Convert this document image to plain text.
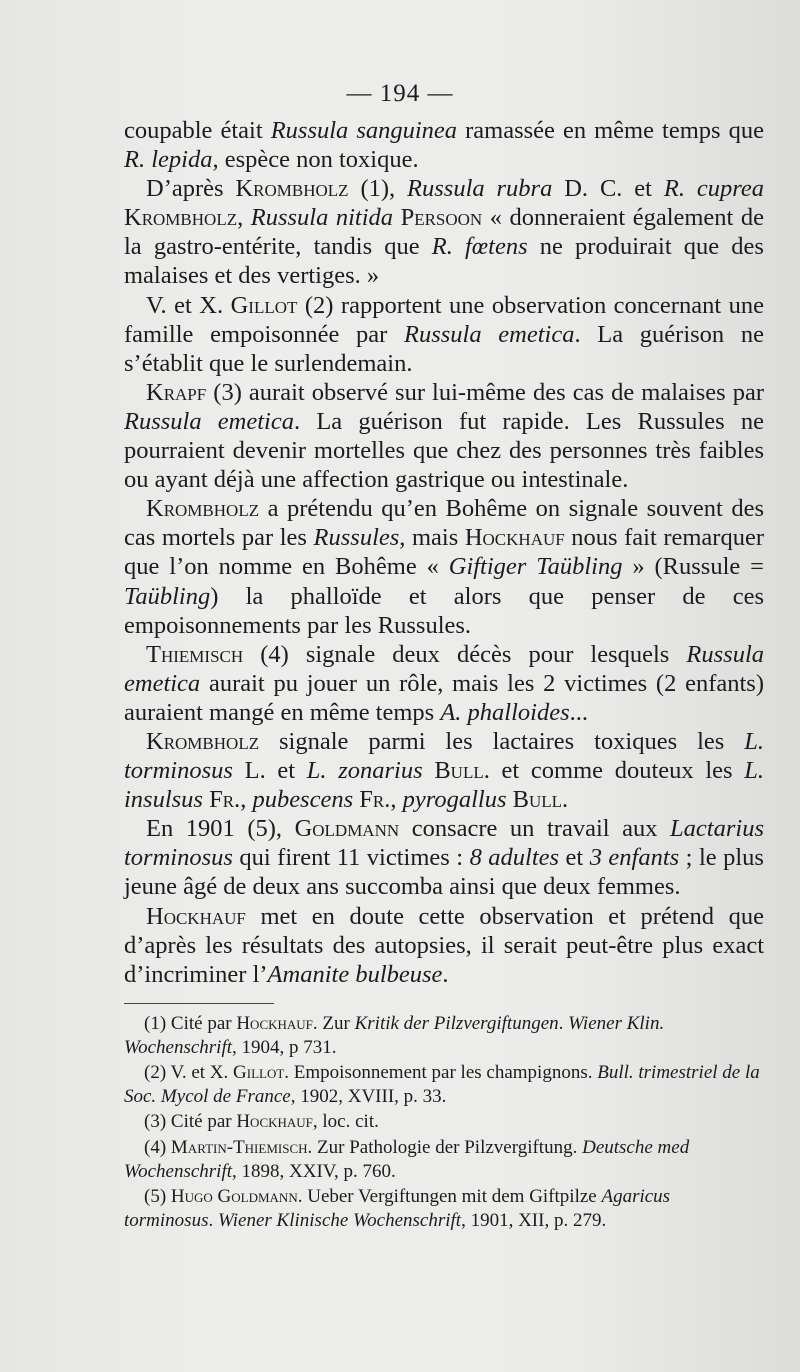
— 194 —

coupable était Russula sanguinea ramassée en même temps que R. lepida, espèce non toxique.

D’après Krombholz (1), Russula rubra D. C. et R. cuprea Krombholz, Russula nitida Persoon « donneraient également de la gastro-entérite, tandis que R. fœtens ne produirait que des malaises et des vertiges. »

V. et X. Gillot (2) rapportent une observation concernant une famille empoisonnée par Russula emetica. La guérison ne s’établit que le surlendemain.

Krapf (3) aurait observé sur lui-même des cas de malaises par Russula emetica. La guérison fut rapide. Les Russules ne pourraient devenir mortelles que chez des personnes très faibles ou ayant déjà une affection gastrique ou intestinale.

Krombholz a prétendu qu’en Bohême on signale souvent des cas mortels par les Russules, mais Hockhauf nous fait remarquer que l’on nomme en Bohême « Giftiger Taübling » (Russule = Taübling) la phalloïde et alors que penser de ces empoisonnements par les Russules.

Thiemisch (4) signale deux décès pour lesquels Russula emetica aurait pu jouer un rôle, mais les 2 victimes (2 enfants) auraient mangé en même temps A. phalloides...

Krombholz signale parmi les lactaires toxiques les L. torminosus L. et L. zonarius Bull. et comme douteux les L. insulsus Fr., pubescens Fr., pyrogallus Bull.

En 1901 (5), Goldmann consacre un travail aux Lactarius torminosus qui firent 11 victimes : 8 adultes et 3 enfants ; le plus jeune âgé de deux ans succomba ainsi que deux femmes.

Hockhauf met en doute cette observation et prétend que d’après les résultats des autopsies, il serait peut-être plus exact d’incriminer l’Amanite bulbeuse.

(1) Cité par Hockhauf. Zur Kritik der Pilzvergiftungen. Wiener Klin. Wochenschrift, 1904, p 731.

(2) V. et X. Gillot. Empoisonnement par les champignons. Bull. trimestriel de la Soc. Mycol de France, 1902, XVIII, p. 33.

(3) Cité par Hockhauf, loc. cit.

(4) Martin-Thiemisch. Zur Pathologie der Pilzvergiftung. Deutsche med Wochenschrift, 1898, XXIV, p. 760.

(5) Hugo Goldmann. Ueber Vergiftungen mit dem Giftpilze Agaricus torminosus. Wiener Klinische Wochenschrift, 1901, XII, p. 279.
